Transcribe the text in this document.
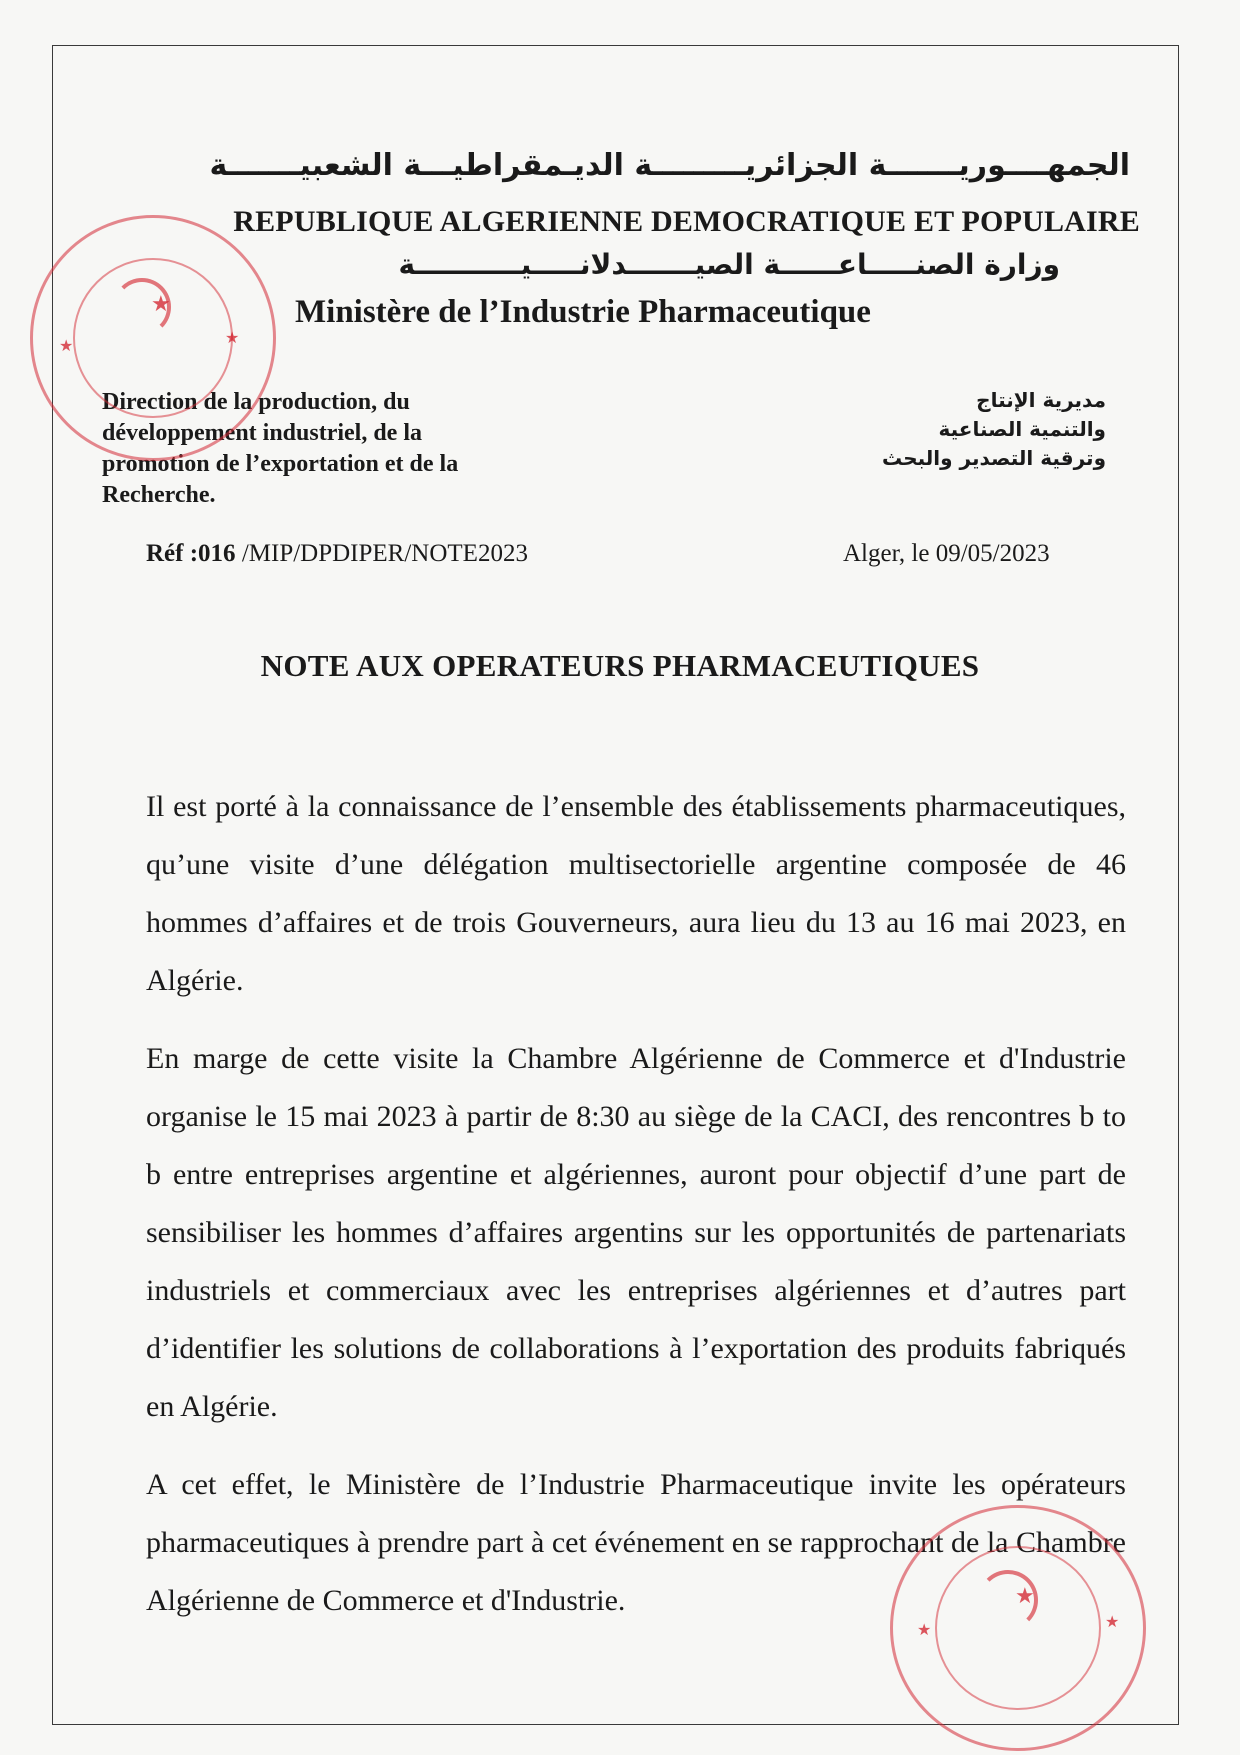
الجمهــــوريـــــــة الجزائريـــــــــة الديـمقراطيـــة الشعبيـــــــة
REPUBLIQUE ALGERIENNE DEMOCRATIQUE ET POPULAIRE
وزارة الصنـــــاعــــــة الصيـــــــدلانـــــيـــــــــــة
Ministère de l’Industrie Pharmaceutique
Direction de la production, du
développement industriel, de la
promotion de l’exportation et de la
Recherche.
مديرية الإنتاج
والتنمية الصناعية
وترقية التصدير والبحث
Réf :016 /MIP/DPDIPER/NOTE2023	Alger, le 09/05/2023
NOTE AUX OPERATEURS PHARMACEUTIQUES

Il est porté à la connaissance de l’ensemble des établissements pharmaceutiques, qu’une visite d’une délégation multisectorielle argentine composée de 46 hommes d’affaires et de trois Gouverneurs, aura lieu du 13 au 16 mai 2023, en Algérie.

En marge de cette visite la Chambre Algérienne de Commerce et d'Industrie organise le 15 mai 2023 à partir de 8:30 au siège de la CACI, des rencontres b to b entre entreprises argentine et algériennes, auront pour objectif d’une part de sensibiliser les hommes d’affaires argentins sur les opportunités de partenariats industriels et commerciaux avec les entreprises algériennes et d’autres part d’identifier les solutions de collaborations à l’exportation des produits fabriqués en Algérie.

A cet effet, le Ministère de l’Industrie Pharmaceutique invite les opérateurs pharmaceutiques à prendre part à cet événement en se rapprochant de la Chambre Algérienne de Commerce et d'Industrie.

★
★
★
★
★
★
